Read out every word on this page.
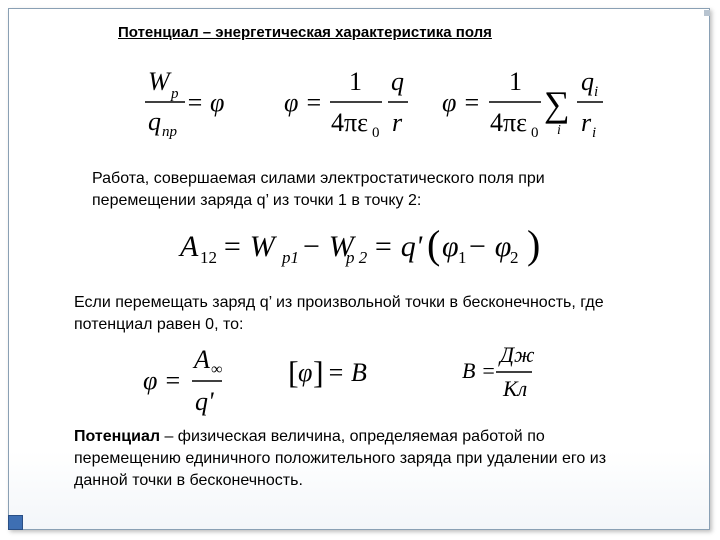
Потенциал – энергетическая характеристика поля
W p
q пр
= φ φ =
1
4πε 0
q
r
φ =
1
4πε 0
∑
i
q i
r i
A 12 = W p1 − W
p 2 = q' ( φ 1 − φ
2 )
φ =
A ∞
q'
[ φ ] = В	В =
Дж
Кл
Работа, совершаемая силами электростатического поля при перемещении заряда q’ из точки 1 в точку 2:
Если перемещать заряд q’ из произвольной точки в бесконечность, где потенциал равен 0, то:
Потенциал – физическая величина, определяемая работой по перемещению единичного положительного заряда при удалении его из данной точки в бесконечность.
